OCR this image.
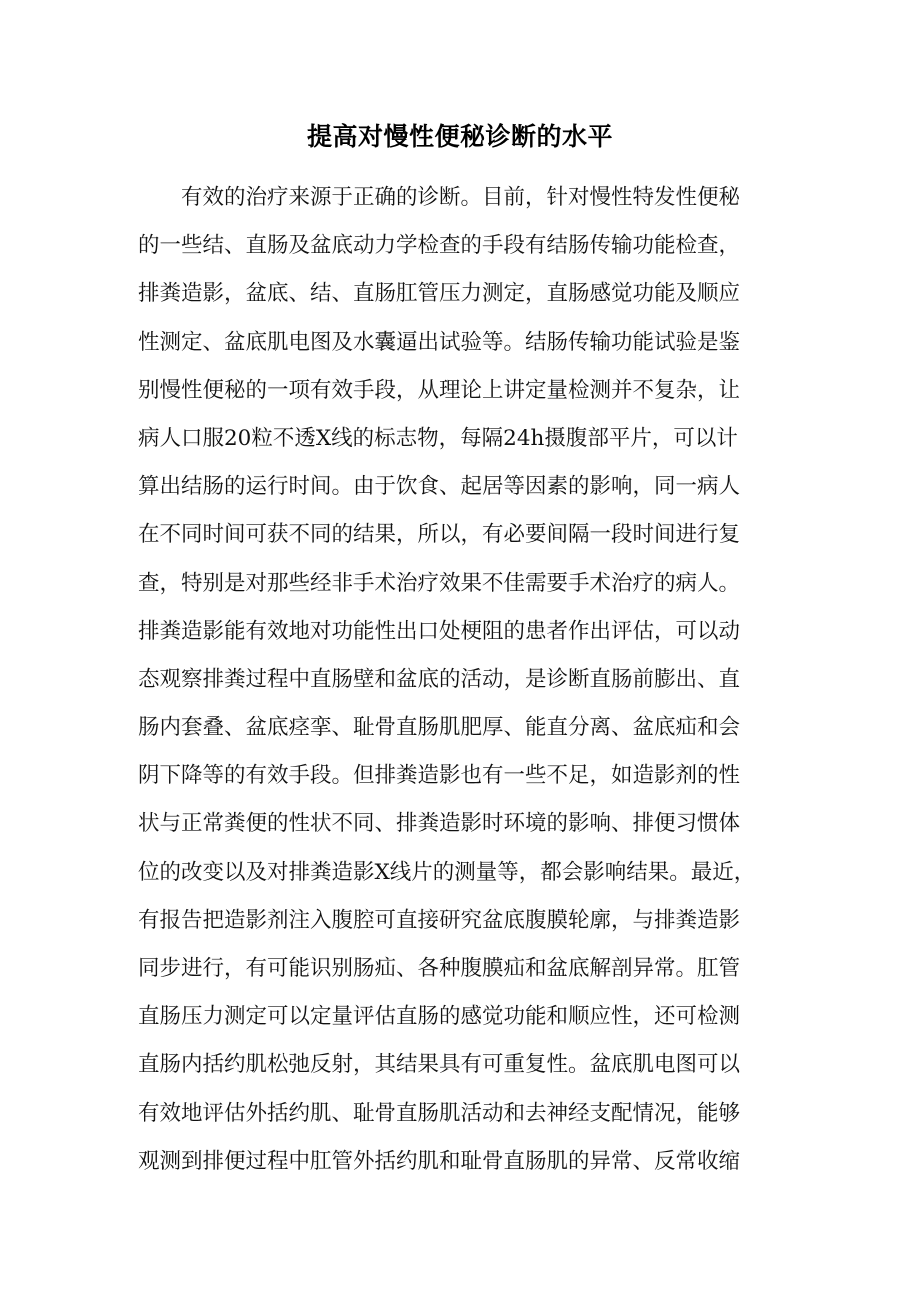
提高对慢性便秘诊断的水平
有效的治疗来源于正确的诊断。目前，针对慢性特发性便秘
的一些结、直肠及盆底动力学检查的手段有结肠传输功能检查，
排粪造影，盆底、结、直肠肛管压力测定，直肠感觉功能及顺应
性测定、盆底肌电图及水囊逼出试验等。结肠传输功能试验是鉴
别慢性便秘的一项有效手段，从理论上讲定量检测并不复杂，让
病人口服20粒不透X线的标志物，每隔24h摄腹部平片，可以计
算出结肠的运行时间。由于饮食、起居等因素的影响，同一病人
在不同时间可获不同的结果，所以，有必要间隔一段时间进行复
查，特别是对那些经非手术治疗效果不佳需要手术治疗的病人。
排粪造影能有效地对功能性出口处梗阻的患者作出评估，可以动
态观察排粪过程中直肠壁和盆底的活动，是诊断直肠前膨出、直
肠内套叠、盆底痉挛、耻骨直肠肌肥厚、能直分离、盆底疝和会
阴下降等的有效手段。但排粪造影也有一些不足，如造影剂的性
状与正常粪便的性状不同、排粪造影时环境的影响、排便习惯体
位的改变以及对排粪造影X线片的测量等，都会影响结果。最近，
有报告把造影剂注入腹腔可直接研究盆底腹膜轮廓，与排粪造影
同步进行，有可能识别肠疝、各种腹膜疝和盆底解剖异常。肛管
直肠压力测定可以定量评估直肠的感觉功能和顺应性，还可检测
直肠内括约肌松弛反射，其结果具有可重复性。盆底肌电图可以
有效地评估外括约肌、耻骨直肠肌活动和去神经支配情况，能够
观测到排便过程中肛管外括约肌和耻骨直肠肌的异常、反常收缩
